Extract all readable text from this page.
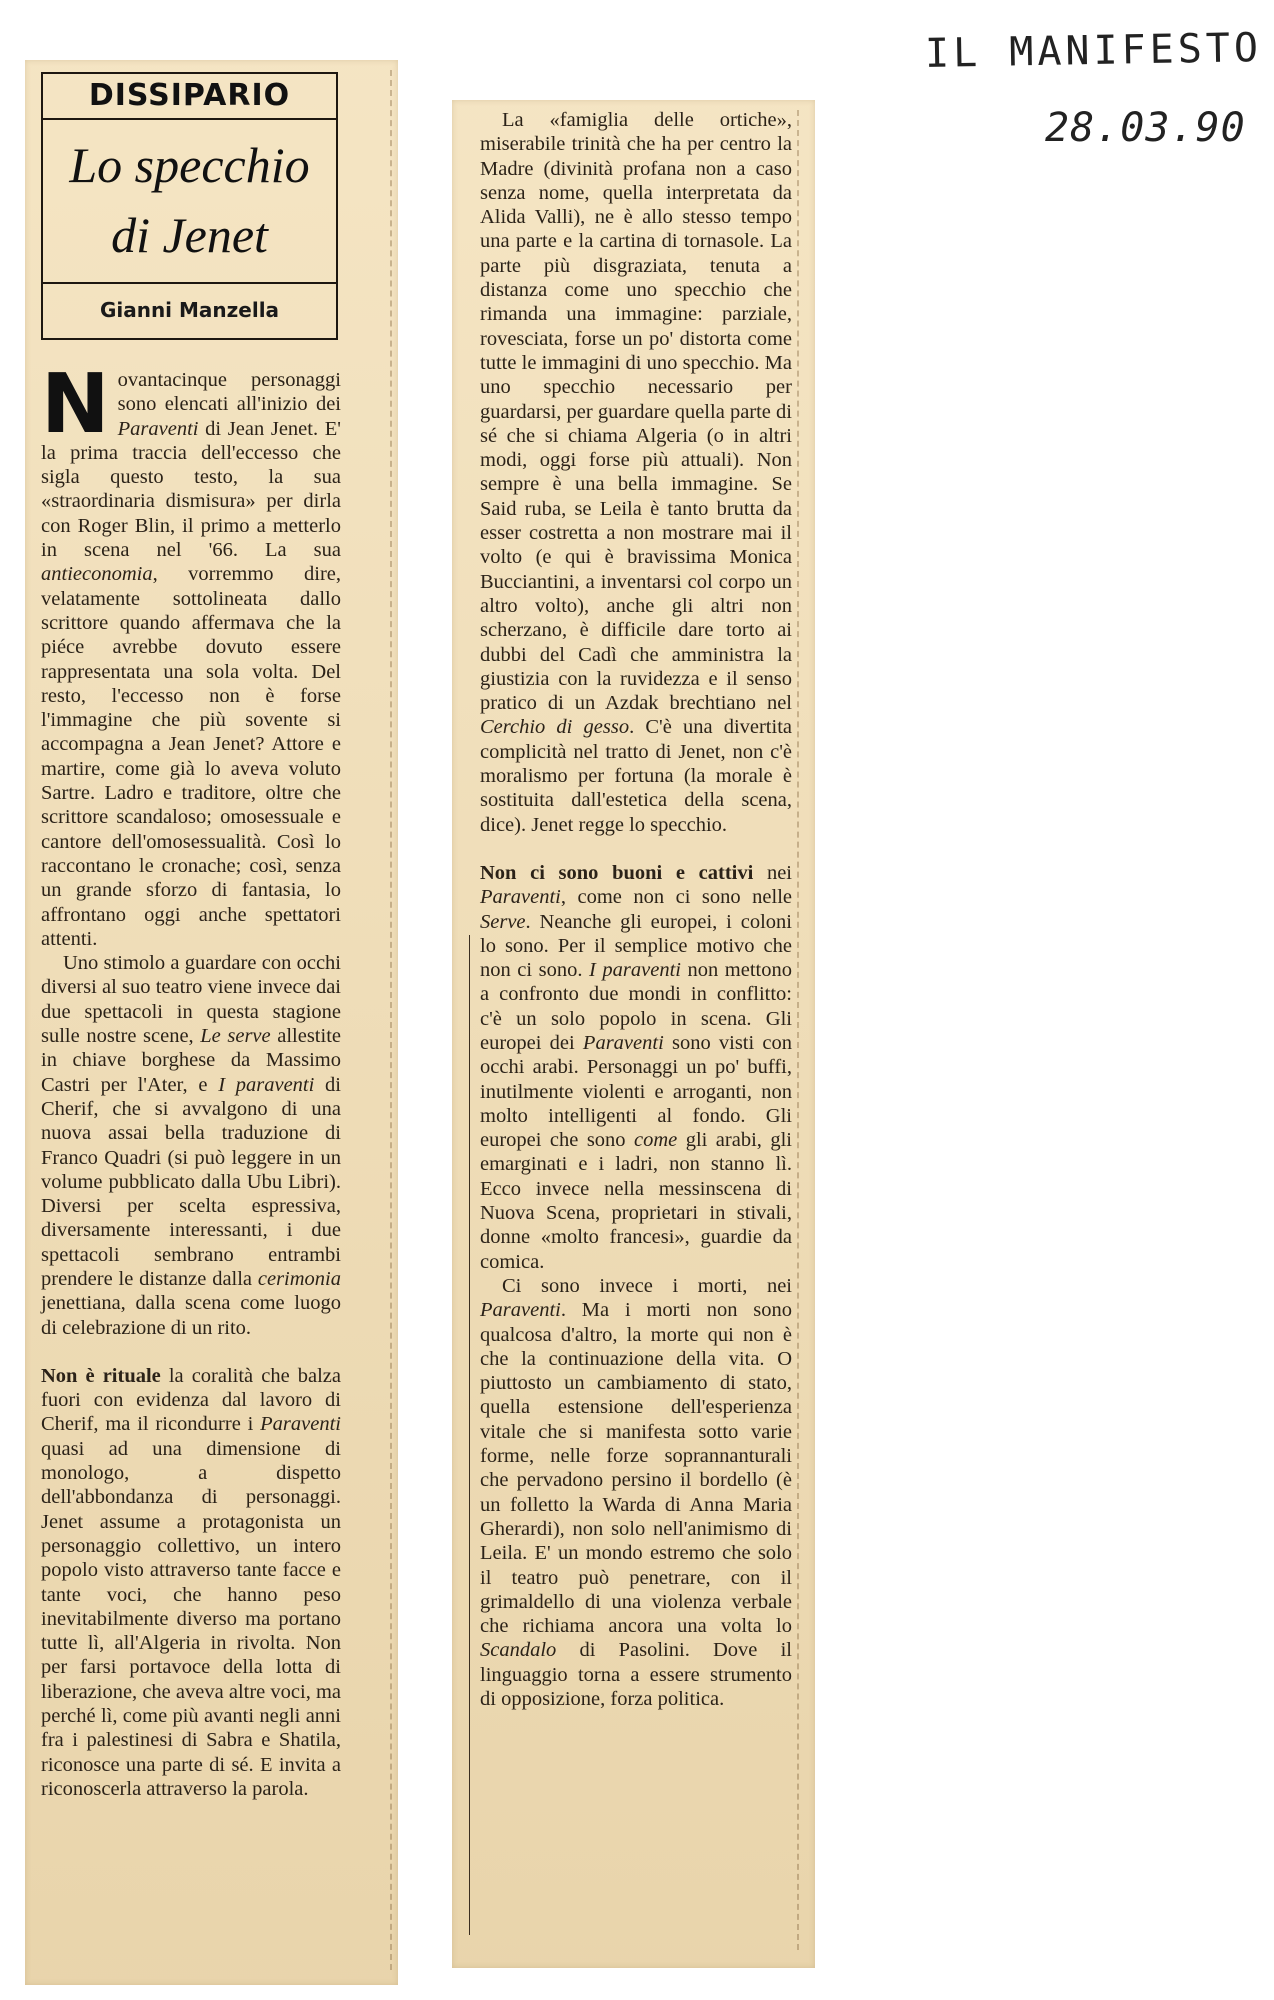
IL MANIFESTO
28.03.90
DISSIPARIO
Lo specchio
di Jenet
Gianni Manzella

Novantacinque personaggi sono elencati all'inizio dei Paraventi di Jean Jenet. E' la prima traccia dell'eccesso che sigla questo testo, la sua «straordinaria dismisura» per dirla con Roger Blin, il primo a metterlo in scena nel '66. La sua antieconomia, vorremmo dire, velatamente sottolineata dallo scrittore quando affermava che la piéce avrebbe dovuto essere rappresentata una sola volta. Del resto, l'eccesso non è forse l'immagine che più sovente si accompagna a Jean Jenet? Attore e martire, come già lo aveva voluto Sartre. Ladro e traditore, oltre che scrittore scandaloso; omosessuale e cantore dell'omosessualità. Così lo raccontano le cronache; così, senza un grande sforzo di fantasia, lo affrontano oggi anche spettatori attenti.

Uno stimolo a guardare con occhi diversi al suo teatro viene invece dai due spettacoli in questa stagione sulle nostre scene, Le serve allestite in chiave borghese da Massimo Castri per l'Ater, e I paraventi di Cherif, che si avvalgono di una nuova assai bella traduzione di Franco Quadri (si può leggere in un volume pubblicato dalla Ubu Libri). Diversi per scelta espressiva, diversamente interessanti, i due spettacoli sembrano entrambi prendere le distanze dalla cerimonia jenettiana, dalla scena come luogo di celebrazione di un rito.

Non è rituale la coralità che balza fuori con evidenza dal lavoro di Cherif, ma il ricondurre i Paraventi quasi ad una dimensione di monologo, a dispetto dell'abbondanza di personaggi. Jenet assume a protagonista un personaggio collettivo, un intero popolo visto attraverso tante facce e tante voci, che hanno peso inevitabilmente diverso ma portano tutte lì, all'Algeria in rivolta. Non per farsi portavoce della lotta di liberazione, che aveva altre voci, ma perché lì, come più avanti negli anni fra i palestinesi di Sabra e Shatila, riconosce una parte di sé. E invita a riconoscerla attraverso la parola.

La «famiglia delle ortiche», miserabile trinità che ha per centro la Madre (divinità profana non a caso senza nome, quella interpretata da Alida Valli), ne è allo stesso tempo una parte e la cartina di tornasole. La parte più disgraziata, tenuta a distanza come uno specchio che rimanda una immagine: parziale, rovesciata, forse un po' distorta come tutte le immagini di uno specchio. Ma uno specchio necessario per guardarsi, per guardare quella parte di sé che si chiama Algeria (o in altri modi, oggi forse più attuali). Non sempre è una bella immagine. Se Said ruba, se Leila è tanto brutta da esser costretta a non mostrare mai il volto (e qui è bravissima Monica Bucciantini, a inventarsi col corpo un altro volto), anche gli altri non scherzano, è difficile dare torto ai dubbi del Cadì che amministra la giustizia con la ruvidezza e il senso pratico di un Azdak brechtiano nel Cerchio di gesso. C'è una divertita complicità nel tratto di Jenet, non c'è moralismo per fortuna (la morale è sostituita dall'estetica della scena, dice). Jenet regge lo specchio.

Non ci sono buoni e cattivi nei Paraventi, come non ci sono nelle Serve. Neanche gli europei, i coloni lo sono. Per il semplice motivo che non ci sono. I paraventi non mettono a confronto due mondi in conflitto: c'è un solo popolo in scena. Gli europei dei Paraventi sono visti con occhi arabi. Personaggi un po' buffi, inutilmente violenti e arroganti, non molto intelligenti al fondo. Gli europei che sono come gli arabi, gli emarginati e i ladri, non stanno lì. Ecco invece nella messinscena di Nuova Scena, proprietari in stivali, donne «molto francesi», guardie da comica.

Ci sono invece i morti, nei Paraventi. Ma i morti non sono qualcosa d'altro, la morte qui non è che la continuazione della vita. O piuttosto un cambiamento di stato, quella estensione dell'esperienza vitale che si manifesta sotto varie forme, nelle forze soprannanturali che pervadono persino il bordello (è un folletto la Warda di Anna Maria Gherardi), non solo nell'animismo di Leila. E' un mondo estremo che solo il teatro può penetrare, con il grimaldello di una violenza verbale che richiama ancora una volta lo Scandalo di Pasolini. Dove il linguaggio torna a essere strumento di opposizione, forza politica.
